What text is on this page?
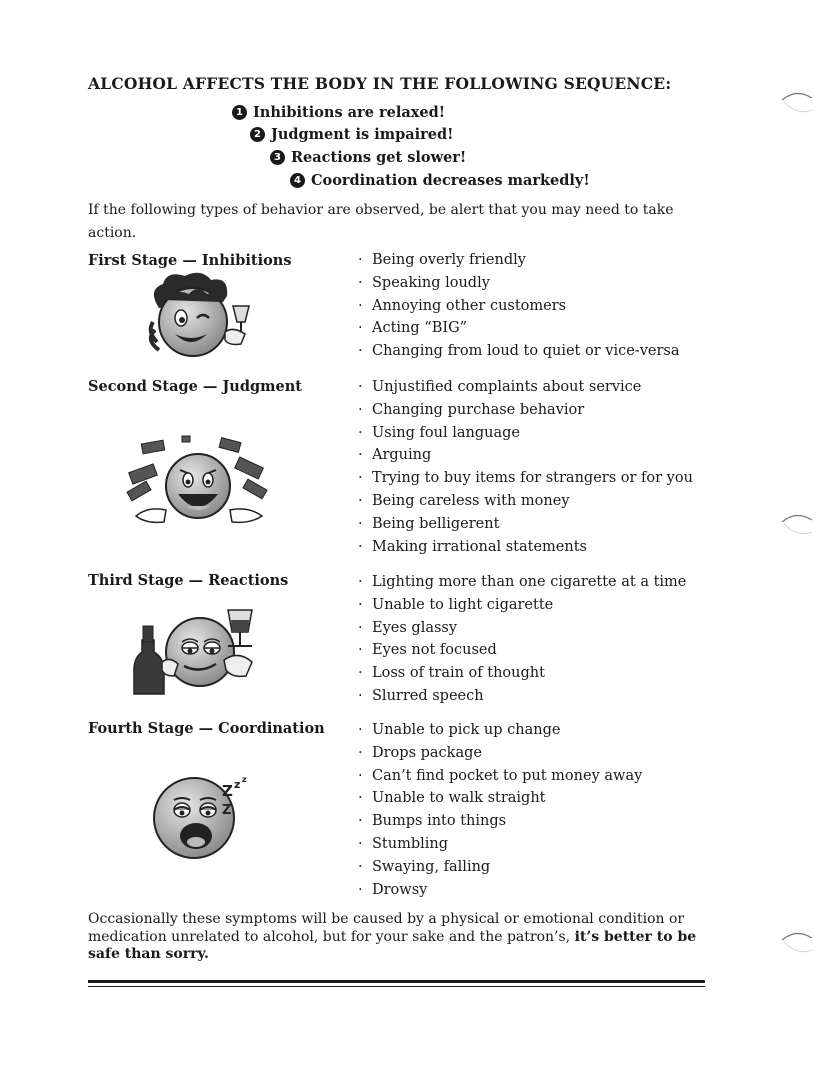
ALCOHOL AFFECTS THE BODY IN THE FOLLOWING SEQUENCE:
1 Inhibitions are relaxed!
2 Judgment is impaired!
3 Reactions get slower!
4 Coordination decreases markedly!

If the following types of behavior are observed, be alert that you may need to take action.

First Stage — Inhibitions	· Being overly friendly
· Speaking loudly
· Annoying other customers
· Acting “BIG”
· Changing from loud to quiet or vice-versa
Second Stage — Judgment	· Unjustified complaints about service
· Changing purchase behavior
· Using foul language
· Arguing
· Trying to buy items for strangers or for you
· Being careless with money
· Being belligerent
· Making irrational statements
Third Stage — Reactions	· Lighting more than one cigarette at a time
· Unable to light cigarette
· Eyes glassy
· Eyes not focused
· Loss of train of thought
· Slurred speech
Fourth Stage — Coordination
Z z z
Z
· Unable to pick up change
· Drops package
· Can’t find pocket to put money away
· Unable to walk straight
· Bumps into things
· Stumbling
· Swaying, falling
· Drowsy

Occasionally these symptoms will be caused by a physical or emotional condition or medication unrelated to alcohol, but for your sake and the patron’s, it’s better to be safe than sorry.
